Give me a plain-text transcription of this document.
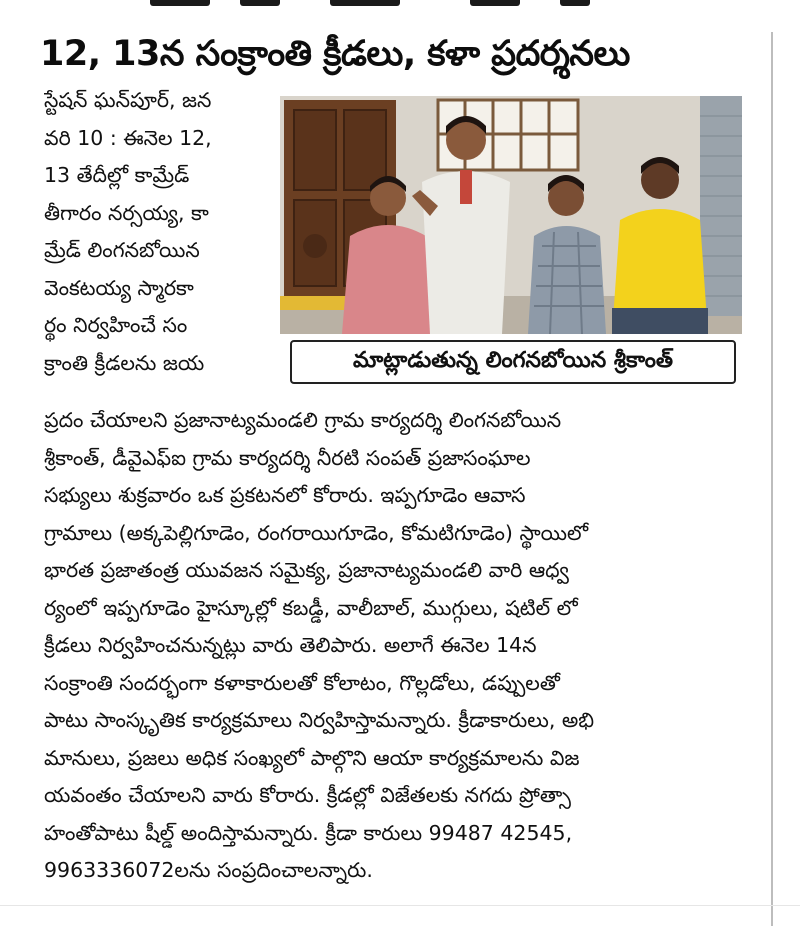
12, 13న సంక్రాంతి క్రీడలు, కళా ప్రదర్శనలు
స్టేషన్ ఘన్‌పూర్, జన
వరి 10 : ఈనెల 12,
13 తేదీల్లో కామ్రేడ్
తీగారం నర్సయ్య, కా
మ్రేడ్ లింగనబోయిన
వెంకటయ్య స్మారకా
ర్థం నిర్వహించే సం
క్రాంతి క్రీడలను జయ	మాట్లాడుతున్న లింగనబోయిన శ్రీకాంత్
ప్రదం చేయాలని ప్రజానాట్యమండలి గ్రామ కార్యదర్శి లింగనబోయిన
శ్రీకాంత్, డీవైఎఫ్ఐ గ్రామ కార్యదర్శి నీరటి సంపత్ ప్రజాసంఘాల
సభ్యులు శుక్రవారం ఒక ప్రకటనలో కోరారు. ఇప్పగూడెం ఆవాస
గ్రామాలు (అక్కపెల్లిగూడెం, రంగరాయిగూడెం, కోమటిగూడెం) స్థాయిలో
భారత ప్రజాతంత్ర యువజన సమైక్య, ప్రజానాట్యమండలి వారి ఆధ్వ
ర్యంలో ఇప్పగూడెం హైస్కూల్లో కబడ్డీ, వాలీబాల్, ముగ్గులు, షటిల్ లో
క్రీడలు నిర్వహించనున్నట్లు వారు తెలిపారు. అలాగే ఈనెల 14న
సంక్రాంతి సందర్భంగా కళాకారులతో కోలాటం, గొల్లడోలు, డప్పులతో
పాటు సాంస్కృతిక కార్యక్రమాలు నిర్వహిస్తామన్నారు. క్రీడాకారులు, అభి
మానులు, ప్రజలు అధిక సంఖ్యలో పాల్గొని ఆయా కార్యక్రమాలను విజ
యవంతం చేయాలని వారు కోరారు. క్రీడల్లో విజేతలకు నగదు ప్రోత్సా
హంతోపాటు షీల్డ్ అందిస్తామన్నారు. క్రీడా కారులు 99487 42545,
9963336072లను సంప్రదించాలన్నారు.
